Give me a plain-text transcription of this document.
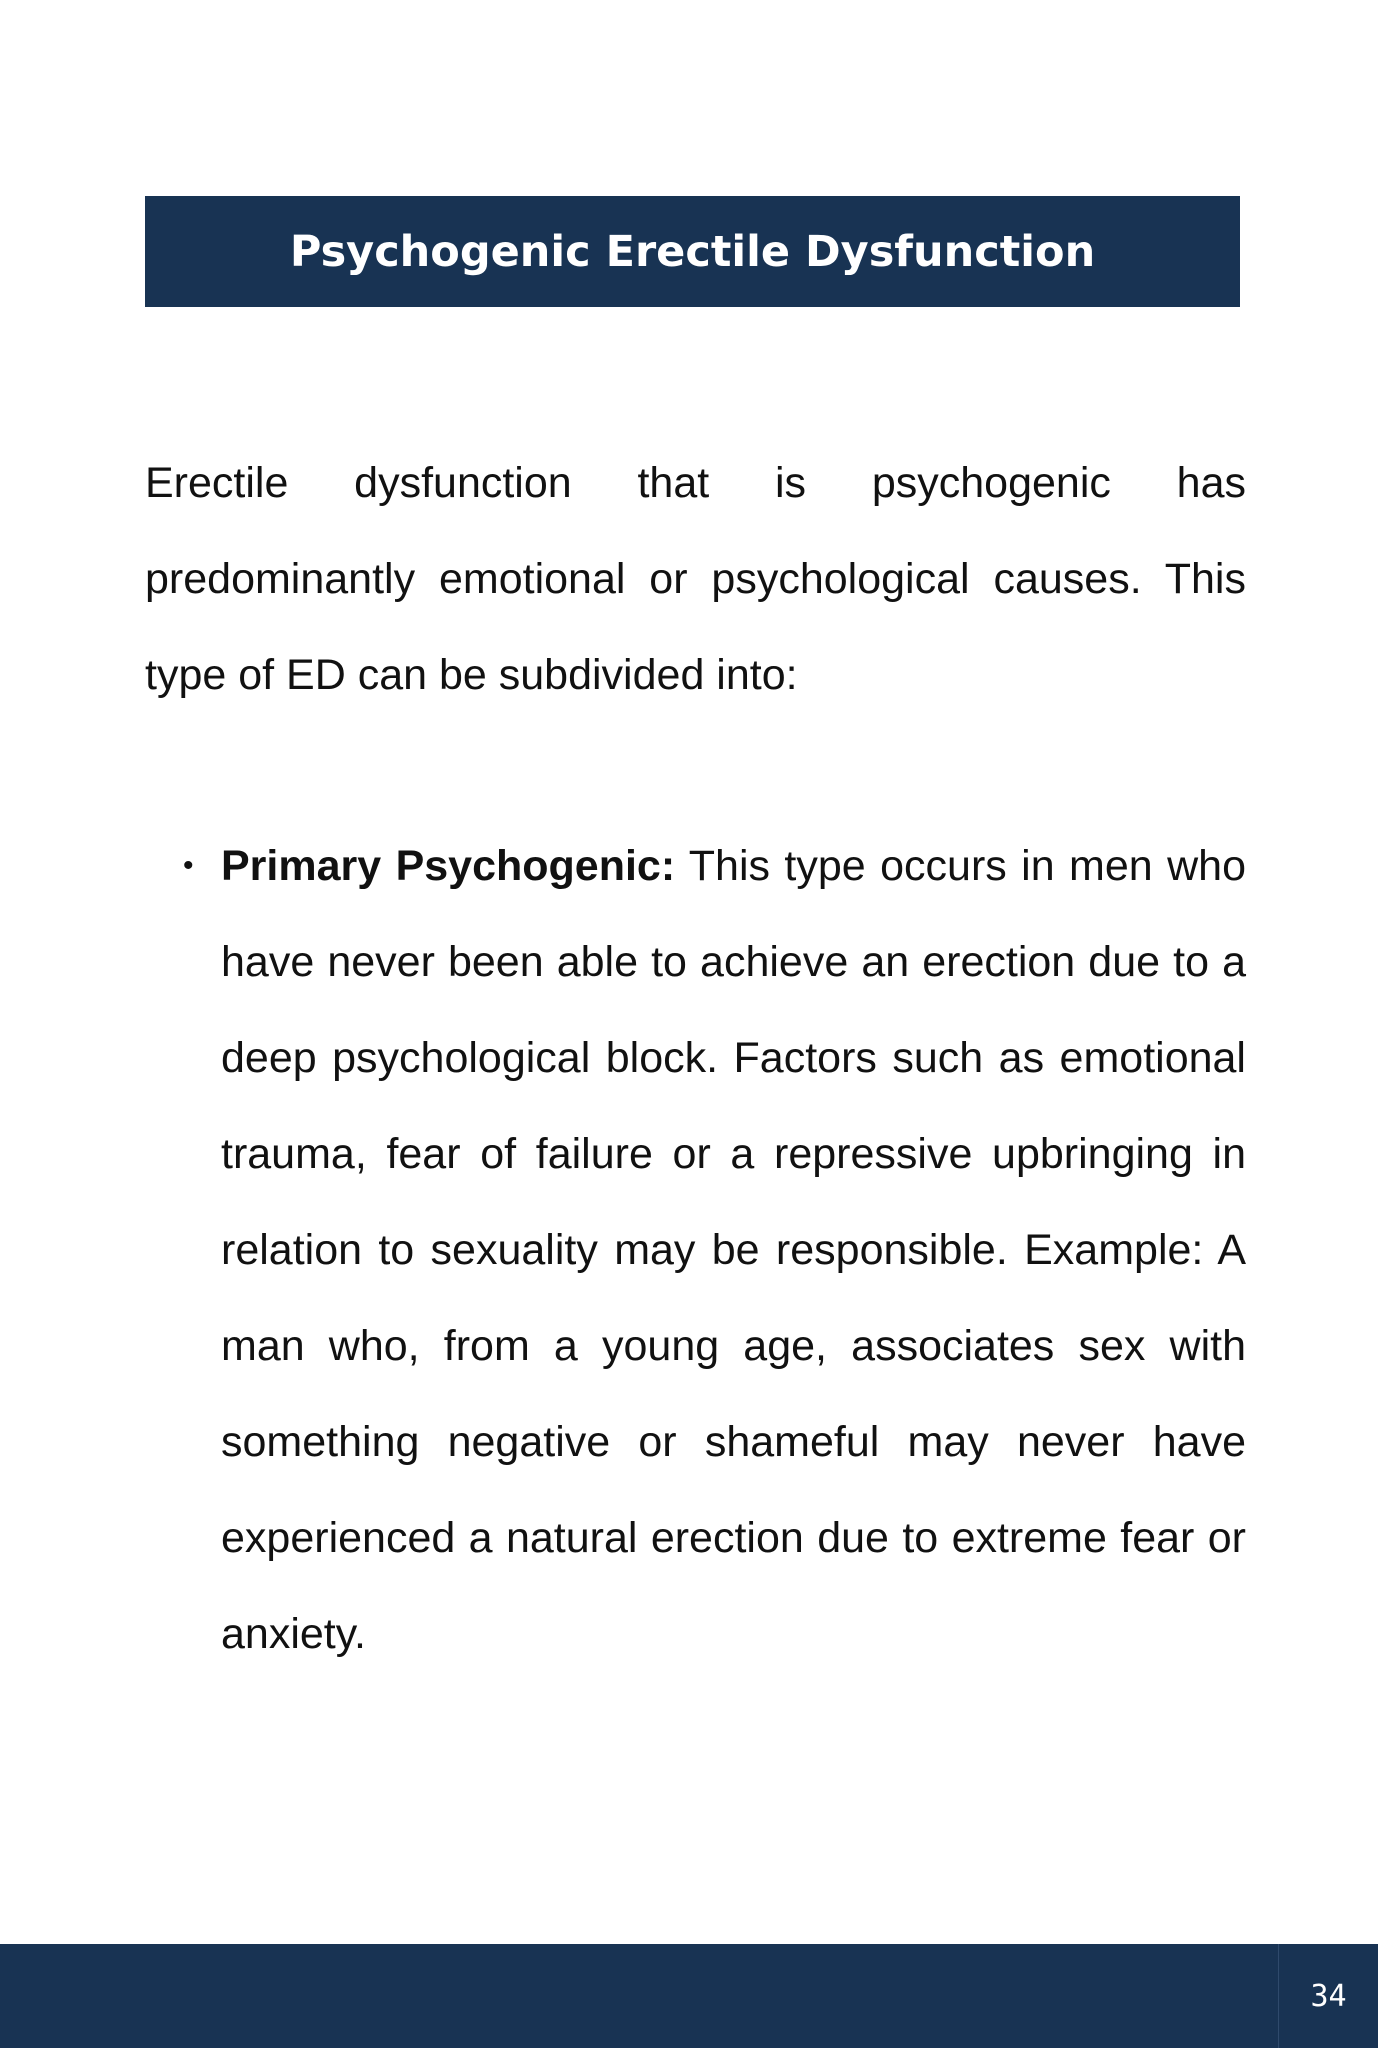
Psychogenic Erectile Dysfunction

Erectile dysfunction that is psychogenic has predominantly emotional or psychological causes. This type of ED can be subdivided into:

• Primary Psychogenic: This type occurs in men who have never been able to achieve an erection due to a deep psychological block. Factors such as emotional trauma, fear of failure or a repressive upbringing in relation to sexuality may be responsible. Example: A man who, from a young age, associates sex with something negative or shameful may never have experienced a natural erection due to extreme fear or anxiety.
34
